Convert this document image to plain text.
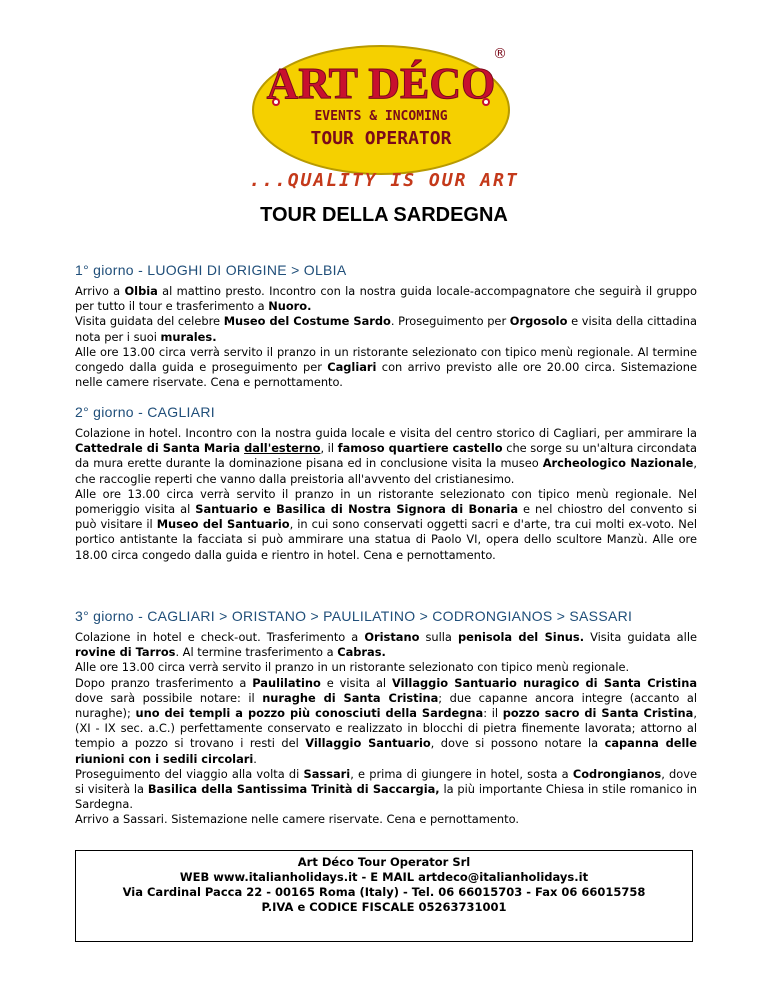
ART DÉCO
EVENTS & INCOMING
TOUR OPERATOR
®
...QUALITY IS OUR ART
TOUR DELLA SARDEGNA
1° giorno - LUOGHI DI ORIGINE > OLBIA

Arrivo a Olbia al mattino presto. Incontro con la nostra guida locale-accompagnatore che seguirà il gruppo per tutto il tour e trasferimento a Nuoro.

Visita guidata del celebre Museo del Costume Sardo. Proseguimento per Orgosolo e visita della cittadina nota per i suoi murales.

Alle ore 13.00 circa verrà servito il pranzo in un ristorante selezionato con tipico menù regionale. Al termine congedo dalla guida e proseguimento per Cagliari con arrivo previsto alle ore 20.00 circa. Sistemazione nelle camere riservate. Cena e pernottamento.

2° giorno - CAGLIARI

Colazione in hotel. Incontro con la nostra guida locale e visita del centro storico di Cagliari, per ammirare la Cattedrale di Santa Maria dall'esterno, il famoso quartiere castello che sorge su un'altura circondata da mura erette durante la dominazione pisana ed in conclusione visita la museo Archeologico Nazionale, che raccoglie reperti che vanno dalla preistoria all'avvento del cristianesimo.

Alle ore 13.00 circa verrà servito il pranzo in un ristorante selezionato con tipico menù regionale. Nel pomeriggio visita al Santuario e Basilica di Nostra Signora di Bonaria e nel chiostro del convento si può visitare il Museo del Santuario, in cui sono conservati oggetti sacri e d'arte, tra cui molti ex-voto. Nel portico antistante la facciata si può ammirare una statua di Paolo VI, opera dello scultore Manzù. Alle ore 18.00 circa congedo dalla guida e rientro in hotel. Cena e pernottamento.

3° giorno - CAGLIARI > ORISTANO > PAULILATINO > CODRONGIANOS > SASSARI

Colazione in hotel e check-out. Trasferimento a Oristano sulla penisola del Sinus. Visita guidata alle rovine di Tarros. Al termine trasferimento a Cabras.

Alle ore 13.00 circa verrà servito il pranzo in un ristorante selezionato con tipico menù regionale.

Dopo pranzo trasferimento a Paulilatino e visita al Villaggio Santuario nuragico di Santa Cristina dove sarà possibile notare: il nuraghe di Santa Cristina; due capanne ancora integre (accanto al nuraghe); uno dei templi a pozzo più conosciuti della Sardegna: il pozzo sacro di Santa Cristina, (XI - IX sec. a.C.) perfettamente conservato e realizzato in blocchi di pietra finemente lavorata; attorno al tempio a pozzo si trovano i resti del Villaggio Santuario, dove si possono notare la capanna delle riunioni con i sedili circolari.

Proseguimento del viaggio alla volta di Sassari, e prima di giungere in hotel, sosta a Codrongianos, dove si visiterà la Basilica della Santissima Trinità di Saccargia, la più importante Chiesa in stile romanico in Sardegna.

Arrivo a Sassari. Sistemazione nelle camere riservate. Cena e pernottamento.

Art Déco Tour Operator Srl
WEB www.italianholidays.it - E MAIL artdeco@italianholidays.it
Via Cardinal Pacca 22 - 00165 Roma (Italy) - Tel. 06 66015703 - Fax 06 66015758
P.IVA e CODICE FISCALE 05263731001
